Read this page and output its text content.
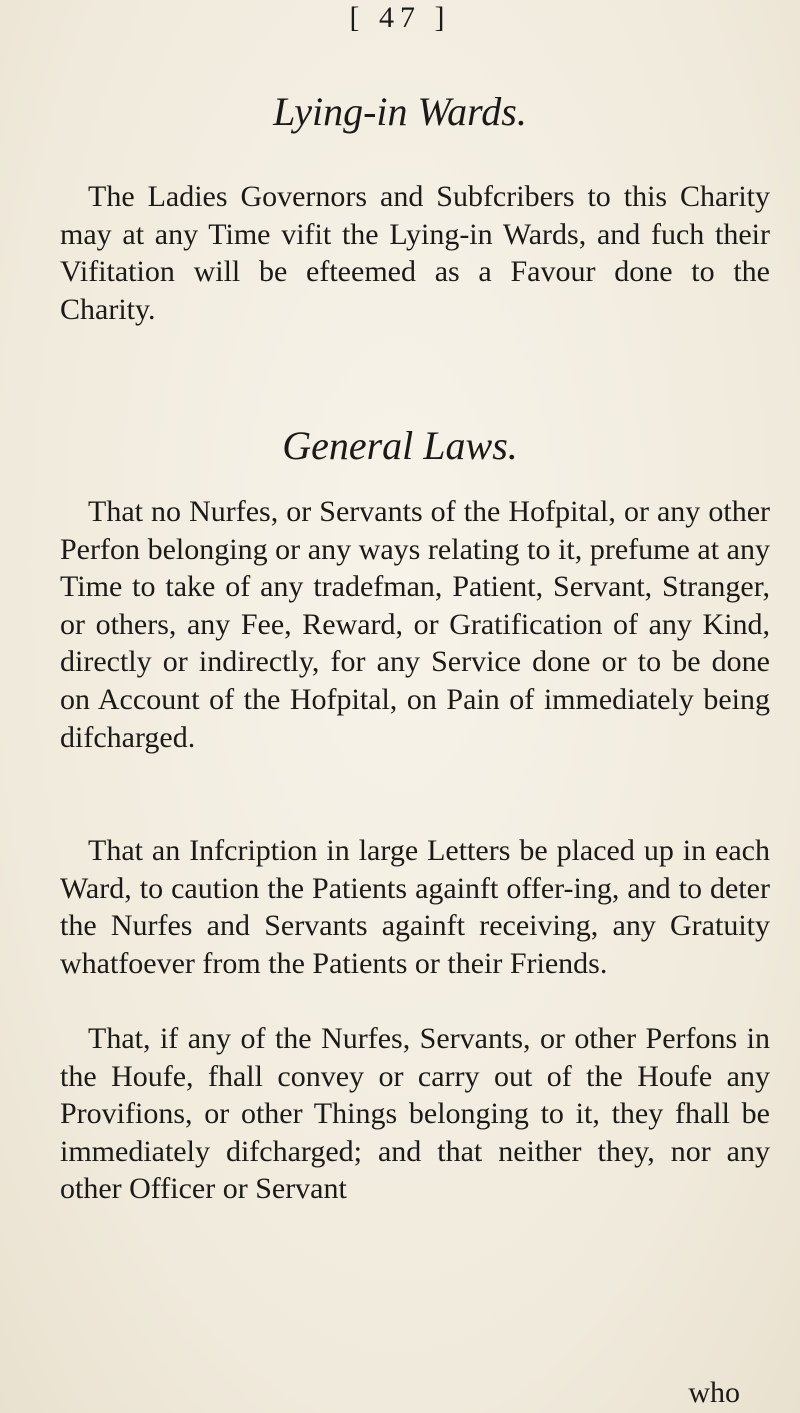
[ 47 ]
Lying-in Wards.

The Ladies Governors and Subfcribers to this Charity may at any Time vifit the Lying-in Wards, and fuch their Vifitation will be efteemed as a Favour done to the Charity.

General Laws.

That no Nurfes, or Servants of the Hofpital, or any other Perfon belonging or any ways relating to it, prefume at any Time to take of any tradefman, Patient, Servant, Stranger, or others, any Fee, Reward, or Gratification of any Kind, directly or indirectly, for any Service done or to be done on Account of the Hofpital, on Pain of immediately being difcharged.

That an Infcription in large Letters be placed up in each Ward, to caution the Patients againft offer-ing, and to deter the Nurfes and Servants againft receiving, any Gratuity whatfoever from the Patients or their Friends.

That, if any of the Nurfes, Servants, or other Perfons in the Houfe, fhall convey or carry out of the Houfe any Provifions, or other Things belonging to it, they fhall be immediately difcharged; and that neither they, nor any other Officer or Servant

who
